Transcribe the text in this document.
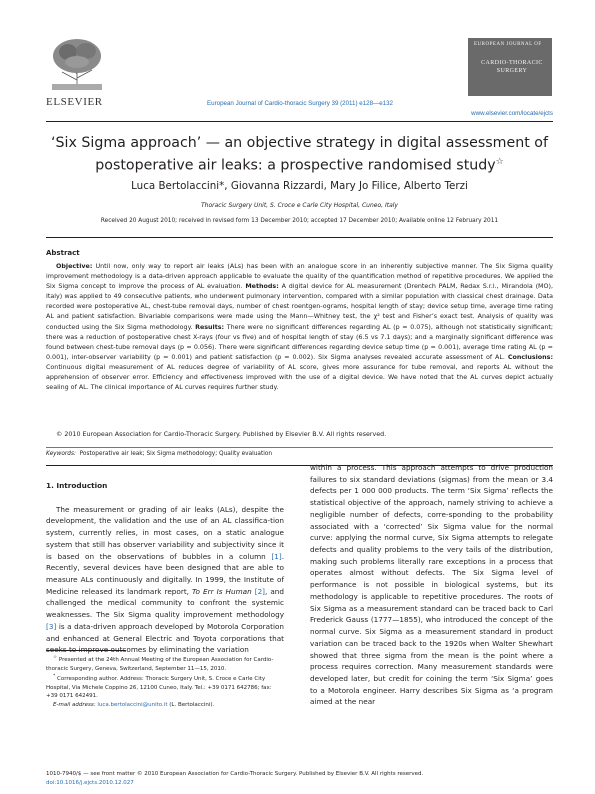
ELSEVIER	European Journal of Cardio-thoracic Surgery 39 (2011) e128—e132
EUROPEAN JOURNAL OF
CARDIO-THORACIC
SURGERY
www.elsevier.com/locate/ejcts
‘Six Sigma approach’ — an objective strategy in digital assessment of
postoperative air leaks: a prospective randomised study☆
Luca Bertolaccini*, Giovanna Rizzardi, Mary Jo Filice, Alberto Terzi
Thoracic Surgery Unit, S. Croce e Carle City Hospital, Cuneo, Italy
Received 20 August 2010; received in revised form 13 December 2010; accepted 17 December 2010; Available online 12 February 2011
Abstract

Objective: Until now, only way to report air leaks (ALs) has been with an analogue score in an inherently subjective manner. The Six Sigma quality improvement methodology is a data-driven approach applicable to evaluate the quality of the quantification method of repetitive procedures. We applied the Six Sigma concept to improve the process of AL evaluation. Methods: A digital device for AL measurement (Drentech PALM, Redax S.r.l., Mirandola (MO), Italy) was applied to 49 consecutive patients, who underwent pulmonary intervention, compared with a similar population with classical chest drainage. Data recorded were postoperative AL, chest-tube removal days, number of chest roentgen-ograms, hospital length of stay; device setup time, average time rating AL and patient satisfaction. Bivariable comparisons were made using the Mann—Whitney test, the χ² test and Fisher’s exact test. Analysis of quality was conducted using the Six Sigma methodology. Results: There were no significant differences regarding AL (p = 0.075), although not statistically significant; there was a reduction of postoperative chest X-rays (four vs five) and of hospital length of stay (6.5 vs 7.1 days); and a marginally significant difference was found between chest-tube removal days (p = 0.056). There were significant differences regarding device setup time (p = 0.001), average time rating AL (p = 0.001), inter-observer variability (p = 0.001) and patient satisfaction (p = 0.002). Six Sigma analyses revealed accurate assessment of AL. Conclusions: Continuous digital measurement of AL reduces degree of variability of AL score, gives more assurance for tube removal, and reports AL without the apprehension of observer error. Efficiency and effectiveness improved with the use of a digital device. We have noted that the AL curves depict actually sealing of AL. The clinical importance of AL curves requires further study.

© 2010 European Association for Cardio-Thoracic Surgery. Published by Elsevier B.V. All rights reserved.
Keywords: Postoperative air leak; Six Sigma methodology; Quality evaluation
1. Introduction

The measurement or grading of air leaks (ALs), despite the development, the validation and the use of an AL classifica-tion system, currently relies, in most cases, on a static analogue system that still has observer variability and subjectivity since it is based on the observations of bubbles in a column [1]. Recently, several devices have been designed that are able to measure ALs continuously and digitally. In 1999, the Institute of Medicine released its landmark report, To Err Is Human [2], and challenged the medical community to confront the systemic weaknesses. The Six Sigma quality improvement methodology [3] is a data-driven approach developed by Motorola Corporation and enhanced at General Electric and Toyota corporations that seeks to improve outcomes by eliminating the variation

within a process. This approach attempts to drive production failures to six standard deviations (sigmas) from the mean or 3.4 defects per 1 000 000 products. The term ‘Six Sigma’ reflects the statistical objective of the approach, namely striving to achieve a negligible number of defects, corre-sponding to the probability associated with a ‘corrected’ Six Sigma value for the normal curve: applying the normal curve, Six Sigma attempts to relegate defects and quality problems to the very tails of the distribution, making such problems literally rare exceptions in a process that operates almost without defects. The Six Sigma level of performance is not possible in biological systems, but its methodology is applicable to repetitive procedures. The roots of Six Sigma as a measurement standard can be traced back to Carl Frederick Gauss (1777—1855), who introduced the concept of the normal curve. Six Sigma as a measurement standard in product variation can be traced back to the 1920s when Walter Shewhart showed that three sigma from the mean is the point where a process requires correction. Many measurement standards were developed later, but credit for coining the term ‘Six Sigma’ goes to a Motorola engineer. Harry describes Six Sigma as ‘a program aimed at the near

☆ Presented at the 24th Annual Meeting of the European Association for Cardio-thoracic Surgery, Geneva, Switzerland, September 11—15, 2010.

* Corresponding author. Address: Thoracic Surgery Unit, S. Croce e Carle City Hospital, Via Michele Coppino 26, 12100 Cuneo, Italy. Tel.: +39 0171 642786; fax: +39 0171 642491.

E-mail address: luca.bertolaccini@unito.it (L. Bertolaccini).

1010-7940/$ — see front matter © 2010 European Association for Cardio-Thoracic Surgery. Published by Elsevier B.V. All rights reserved.
doi:10.1016/j.ejcts.2010.12.027
